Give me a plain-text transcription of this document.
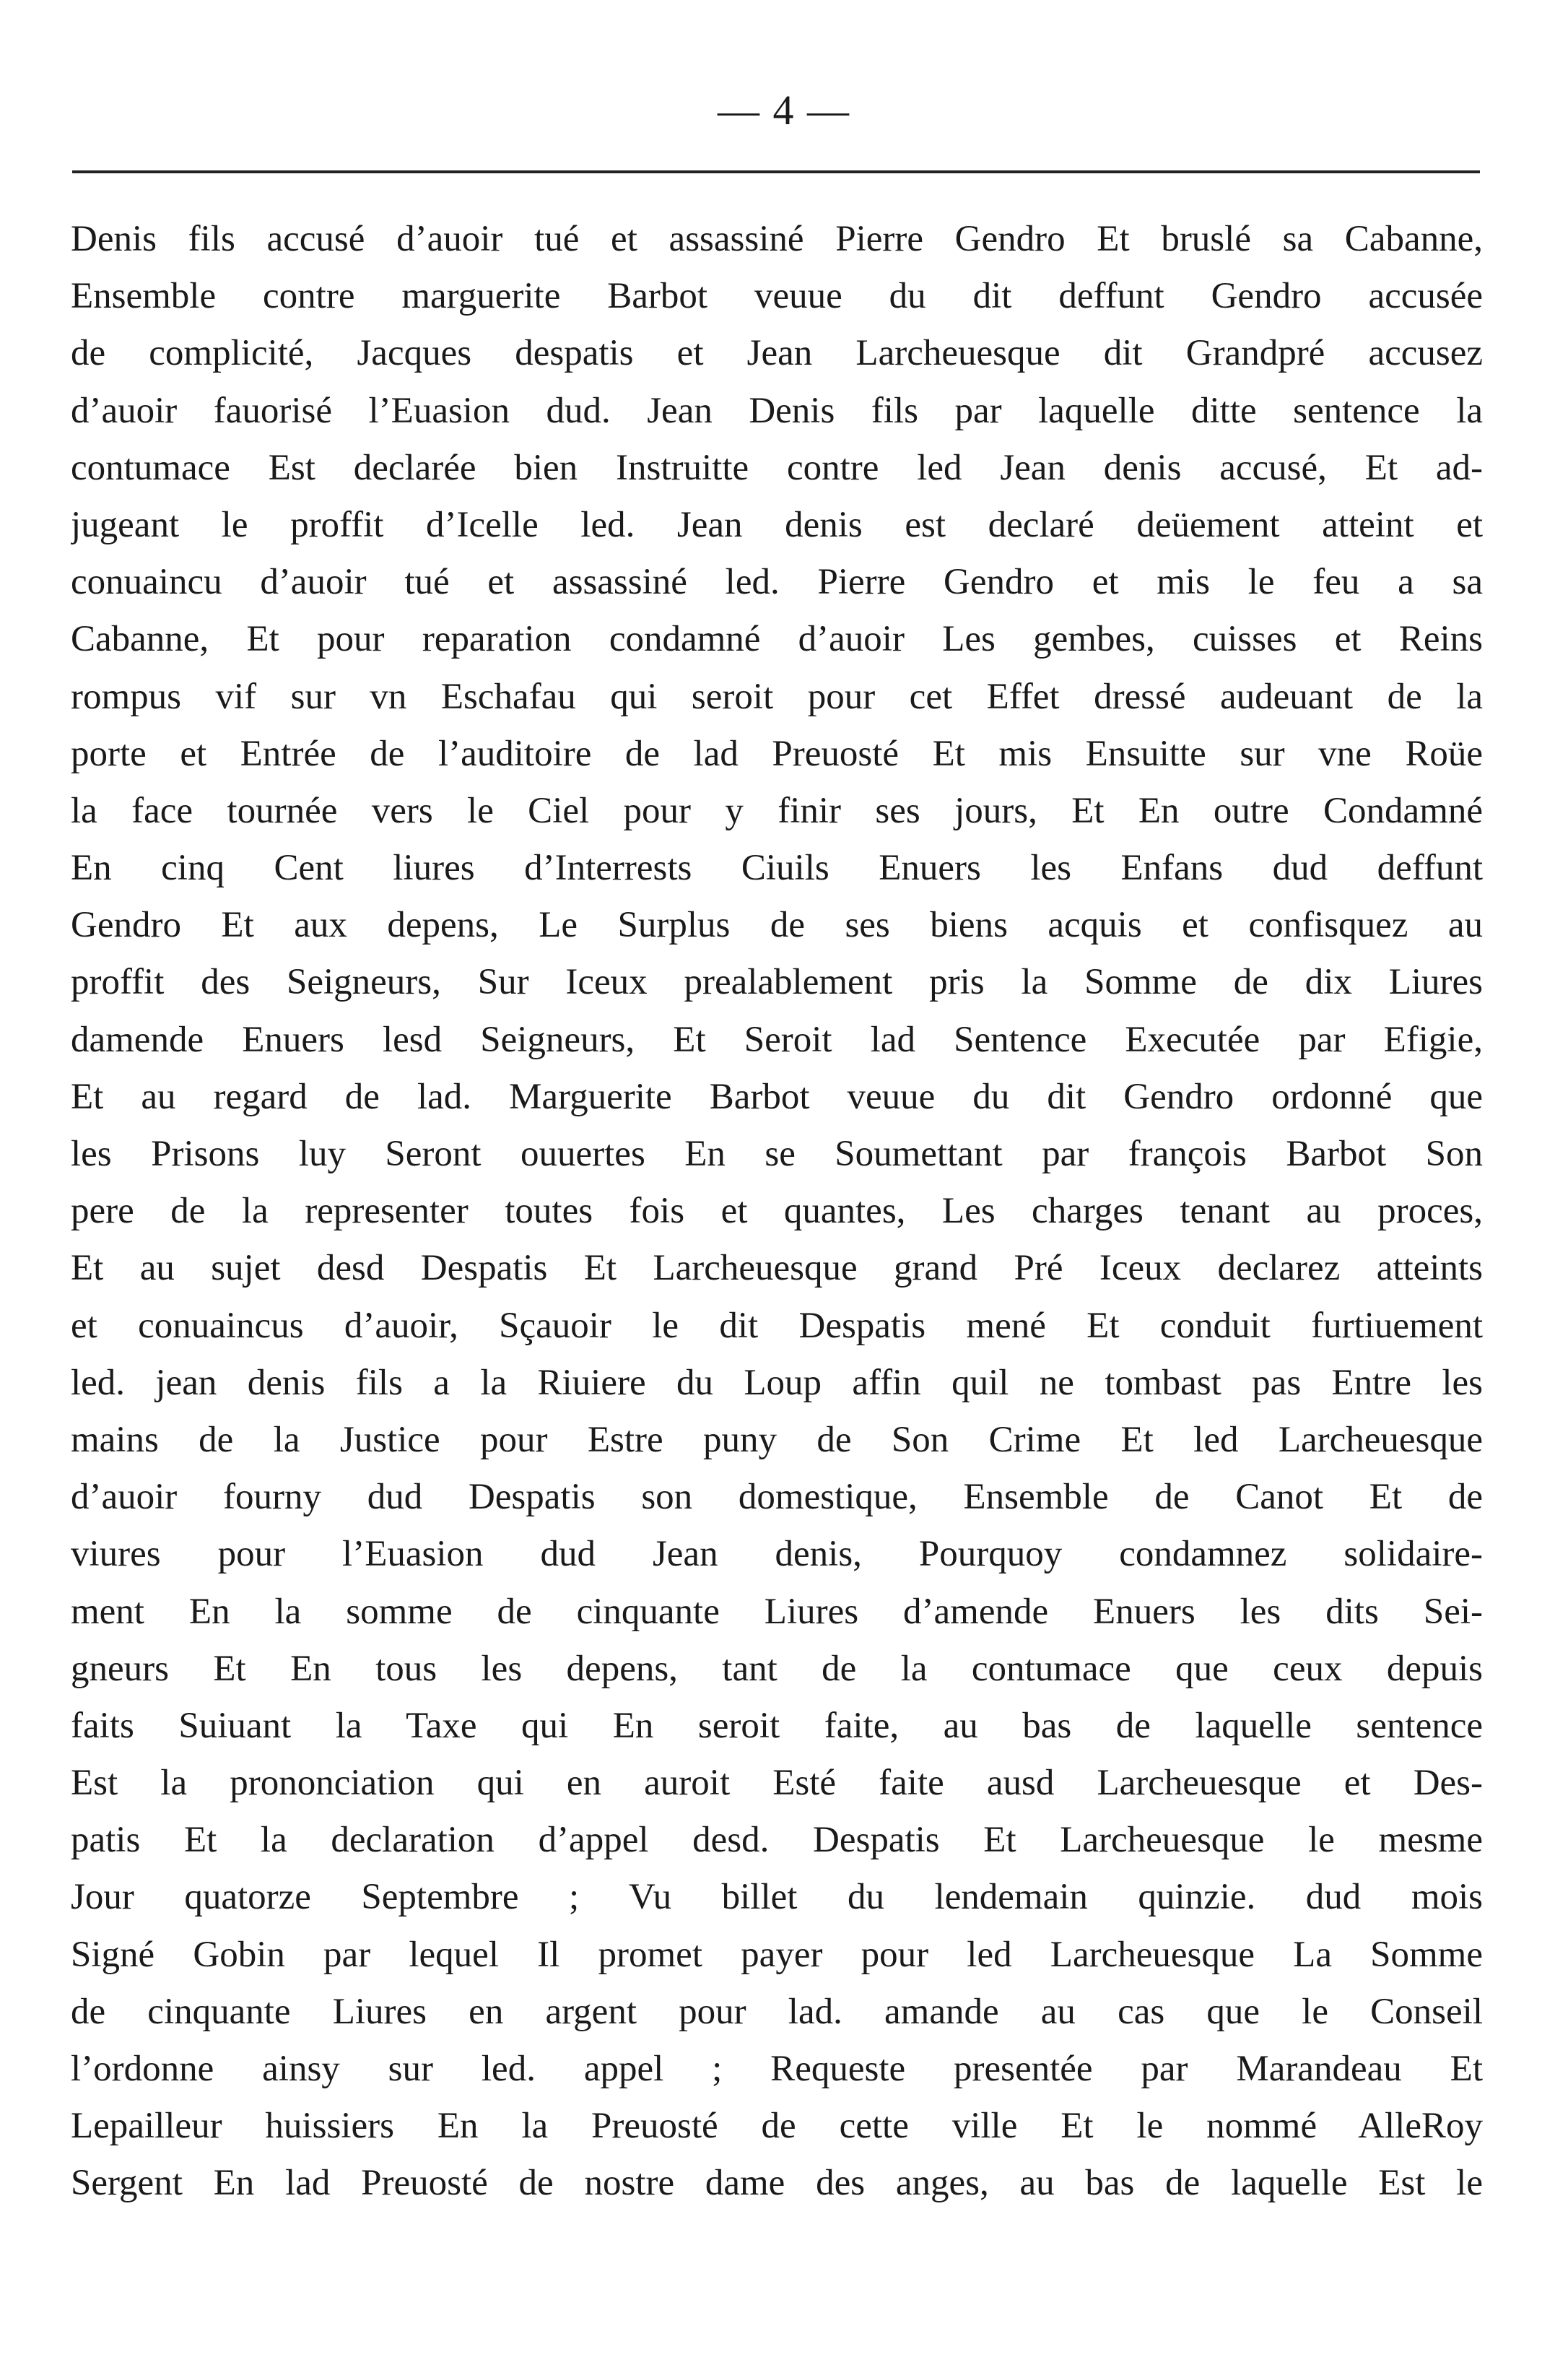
— 4 —
Denis fils accusé d’auoir tué et assassiné Pierre Gendro Et bruslé sa Cabanne,
Ensemble contre marguerite Barbot veuue du dit deffunt Gendro accusée
de complicité, Jacques despatis et Jean Larcheuesque dit Grandpré accusez
d’auoir fauorisé l’Euasion dud. Jean Denis fils par laquelle ditte sentence la
contumace Est declarée bien Instruitte contre led Jean denis accusé, Et ad-
jugeant le proffit d’Icelle led. Jean denis est declaré deüement atteint et
conuaincu d’auoir tué et assassiné led. Pierre Gendro et mis le feu a sa
Cabanne, Et pour reparation condamné d’auoir Les gembes, cuisses et Reins
rompus vif sur vn Eschafau qui seroit pour cet Effet dressé audeuant de la
porte et Entrée de l’auditoire de lad Preuosté Et mis Ensuitte sur vne Roüe
la face tournée vers le Ciel pour y finir ses jours, Et En outre Condamné
En cinq Cent liures d’Interrests Ciuils Enuers les Enfans dud deffunt
Gendro Et aux depens, Le Surplus de ses biens acquis et confisquez au
proffit des Seigneurs, Sur Iceux prealablement pris la Somme de dix Liures
damende Enuers lesd Seigneurs, Et Seroit lad Sentence Executée par Efigie,
Et au regard de lad. Marguerite Barbot veuue du dit Gendro ordonné que
les Prisons luy Seront ouuertes En se Soumettant par françois Barbot Son
pere de la representer toutes fois et quantes, Les charges tenant au proces,
Et au sujet desd Despatis Et Larcheuesque grand Pré Iceux declarez atteints
et conuaincus d’auoir, Sçauoir le dit Despatis mené Et conduit furtiuement
led. jean denis fils a la Riuiere du Loup affin quil ne tombast pas Entre les
mains de la Justice pour Estre puny de Son Crime Et led Larcheuesque
d’auoir fourny dud Despatis son domestique, Ensemble de Canot Et de
viures pour l’Euasion dud Jean denis, Pourquoy condamnez solidaire-
ment En la somme de cinquante Liures d’amende Enuers les dits Sei-
gneurs Et En tous les depens, tant de la contumace que ceux depuis
faits Suiuant la Taxe qui En seroit faite, au bas de laquelle sentence
Est la prononciation qui en auroit Esté faite ausd Larcheuesque et Des-
patis Et la declaration d’appel desd. Despatis Et Larcheuesque le mesme
Jour quatorze Septembre ; Vu billet du lendemain quinzie. dud mois
Signé Gobin par lequel Il promet payer pour led Larcheuesque La Somme
de cinquante Liures en argent pour lad. amande au cas que le Conseil
l’ordonne ainsy sur led. appel ; Requeste presentée par Marandeau Et
Lepailleur huissiers En la Preuosté de cette ville Et le nommé AlleRoy
Sergent En lad Preuosté de nostre dame des anges, au bas de laquelle Est le
